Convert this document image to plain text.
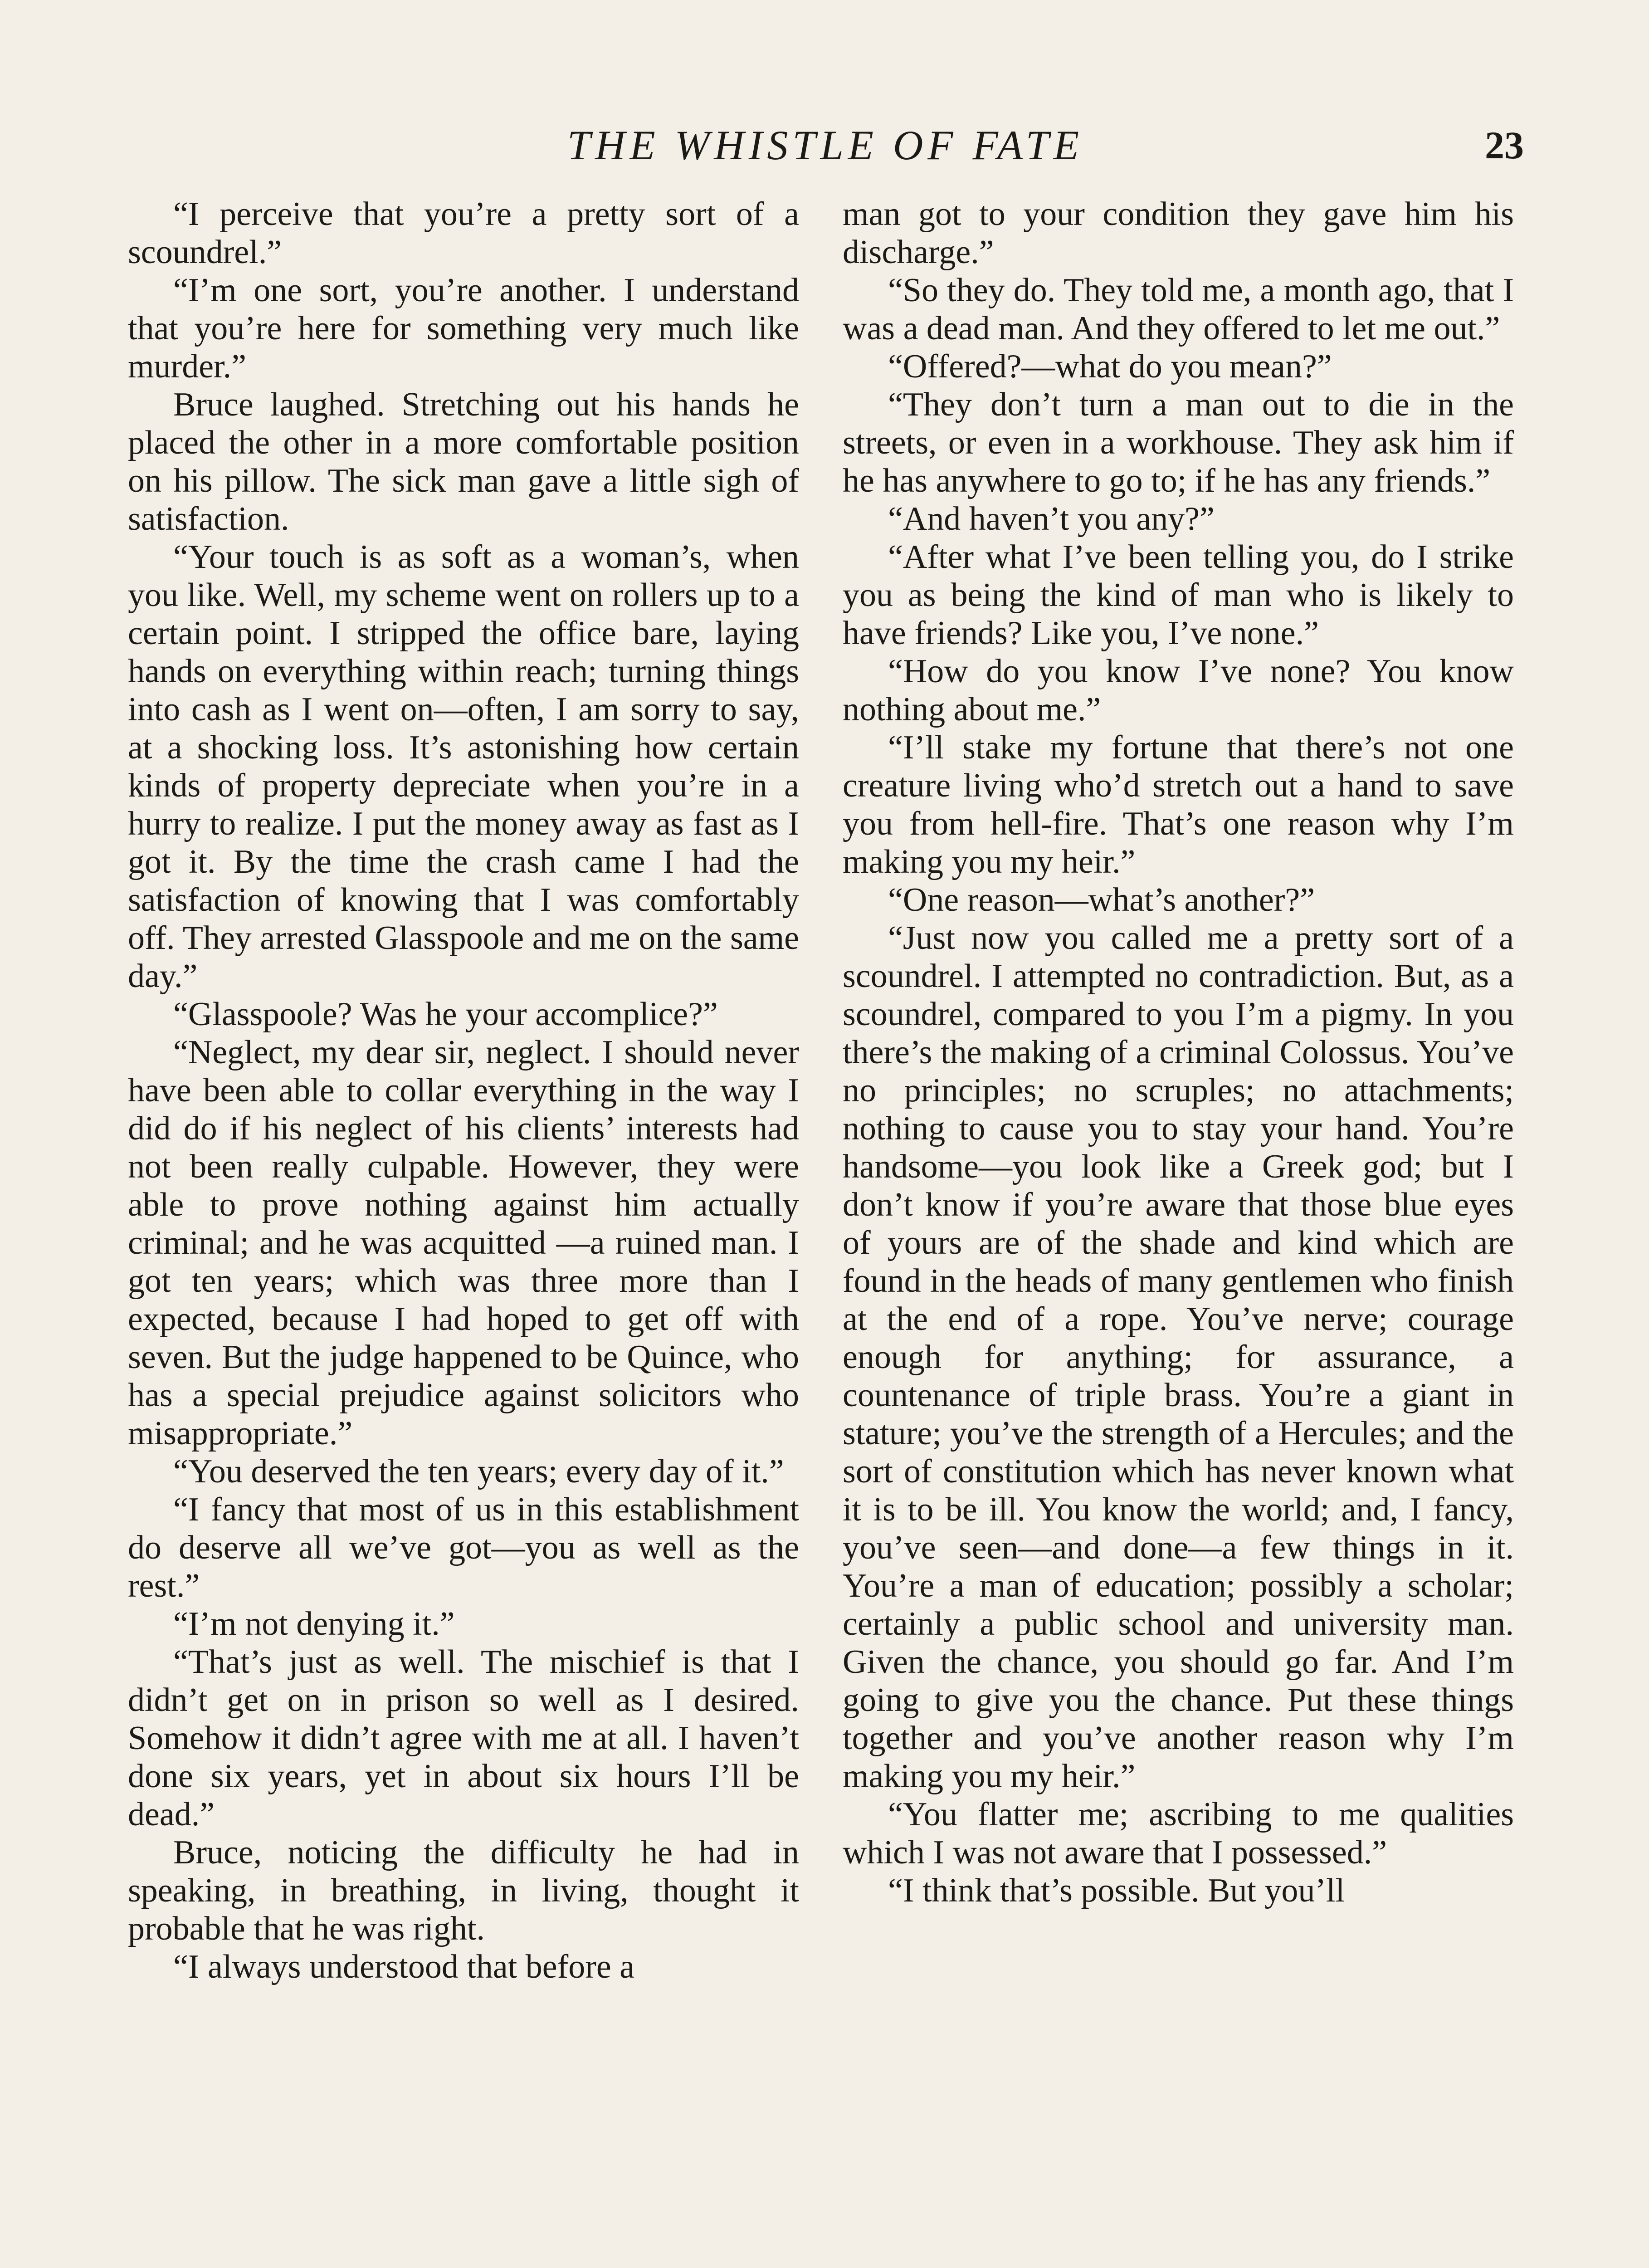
THE WHISTLE OF FATE	23

“I perceive that you’re a pretty sort of a scoundrel.”

“I’m one sort, you’re another. I understand that you’re here for something very much like murder.”

Bruce laughed. Stretching out his hands he placed the other in a more comfortable position on his pillow. The sick man gave a little sigh of satisfaction.

“Your touch is as soft as a woman’s, when you like. Well, my scheme went on rollers up to a certain point. I stripped the office bare, laying hands on everything within reach; turning things into cash as I went on—often, I am sorry to say, at a shocking loss. It’s astonishing how certain kinds of property depreciate when you’re in a hurry to realize. I put the money away as fast as I got it. By the time the crash came I had the satisfaction of knowing that I was comfortably off. They arrested Glasspoole and me on the same day.”

“Glasspoole? Was he your accomplice?”

“Neglect, my dear sir, neglect. I should never have been able to collar everything in the way I did do if his neglect of his clients’ interests had not been really culpable. However, they were able to prove nothing against him actually criminal; and he was acquitted —a ruined man. I got ten years; which was three more than I expected, because I had hoped to get off with seven. But the judge happened to be Quince, who has a special prejudice against solicitors who misappropriate.”

“You deserved the ten years; every day of it.”

“I fancy that most of us in this establishment do deserve all we’ve got—you as well as the rest.”

“I’m not denying it.”

“That’s just as well. The mischief is that I didn’t get on in prison so well as I desired. Somehow it didn’t agree with me at all. I haven’t done six years, yet in about six hours I’ll be dead.”

Bruce, noticing the difficulty he had in speaking, in breathing, in living, thought it probable that he was right.

“I always understood that before a

man got to your condition they gave him his discharge.”

“So they do. They told me, a month ago, that I was a dead man. And they offered to let me out.”

“Offered?—what do you mean?”

“They don’t turn a man out to die in the streets, or even in a workhouse. They ask him if he has anywhere to go to; if he has any friends.”

“And haven’t you any?”

“After what I’ve been telling you, do I strike you as being the kind of man who is likely to have friends? Like you, I’ve none.”

“How do you know I’ve none? You know nothing about me.”

“I’ll stake my fortune that there’s not one creature living who’d stretch out a hand to save you from hell-fire. That’s one reason why I’m making you my heir.”

“One reason—what’s another?”

“Just now you called me a pretty sort of a scoundrel. I attempted no contradiction. But, as a scoundrel, compared to you I’m a pigmy. In you there’s the making of a criminal Colossus. You’ve no principles; no scruples; no attachments; nothing to cause you to stay your hand. You’re handsome—you look like a Greek god; but I don’t know if you’re aware that those blue eyes of yours are of the shade and kind which are found in the heads of many gentlemen who finish at the end of a rope. You’ve nerve; courage enough for anything; for assurance, a countenance of triple brass. You’re a giant in stature; you’ve the strength of a Hercules; and the sort of constitution which has never known what it is to be ill. You know the world; and, I fancy, you’ve seen—and done—a few things in it. You’re a man of education; possibly a scholar; certainly a public school and university man. Given the chance, you should go far. And I’m going to give you the chance. Put these things together and you’ve another reason why I’m making you my heir.”

“You flatter me; ascribing to me qualities which I was not aware that I possessed.”

“I think that’s possible. But you’ll
